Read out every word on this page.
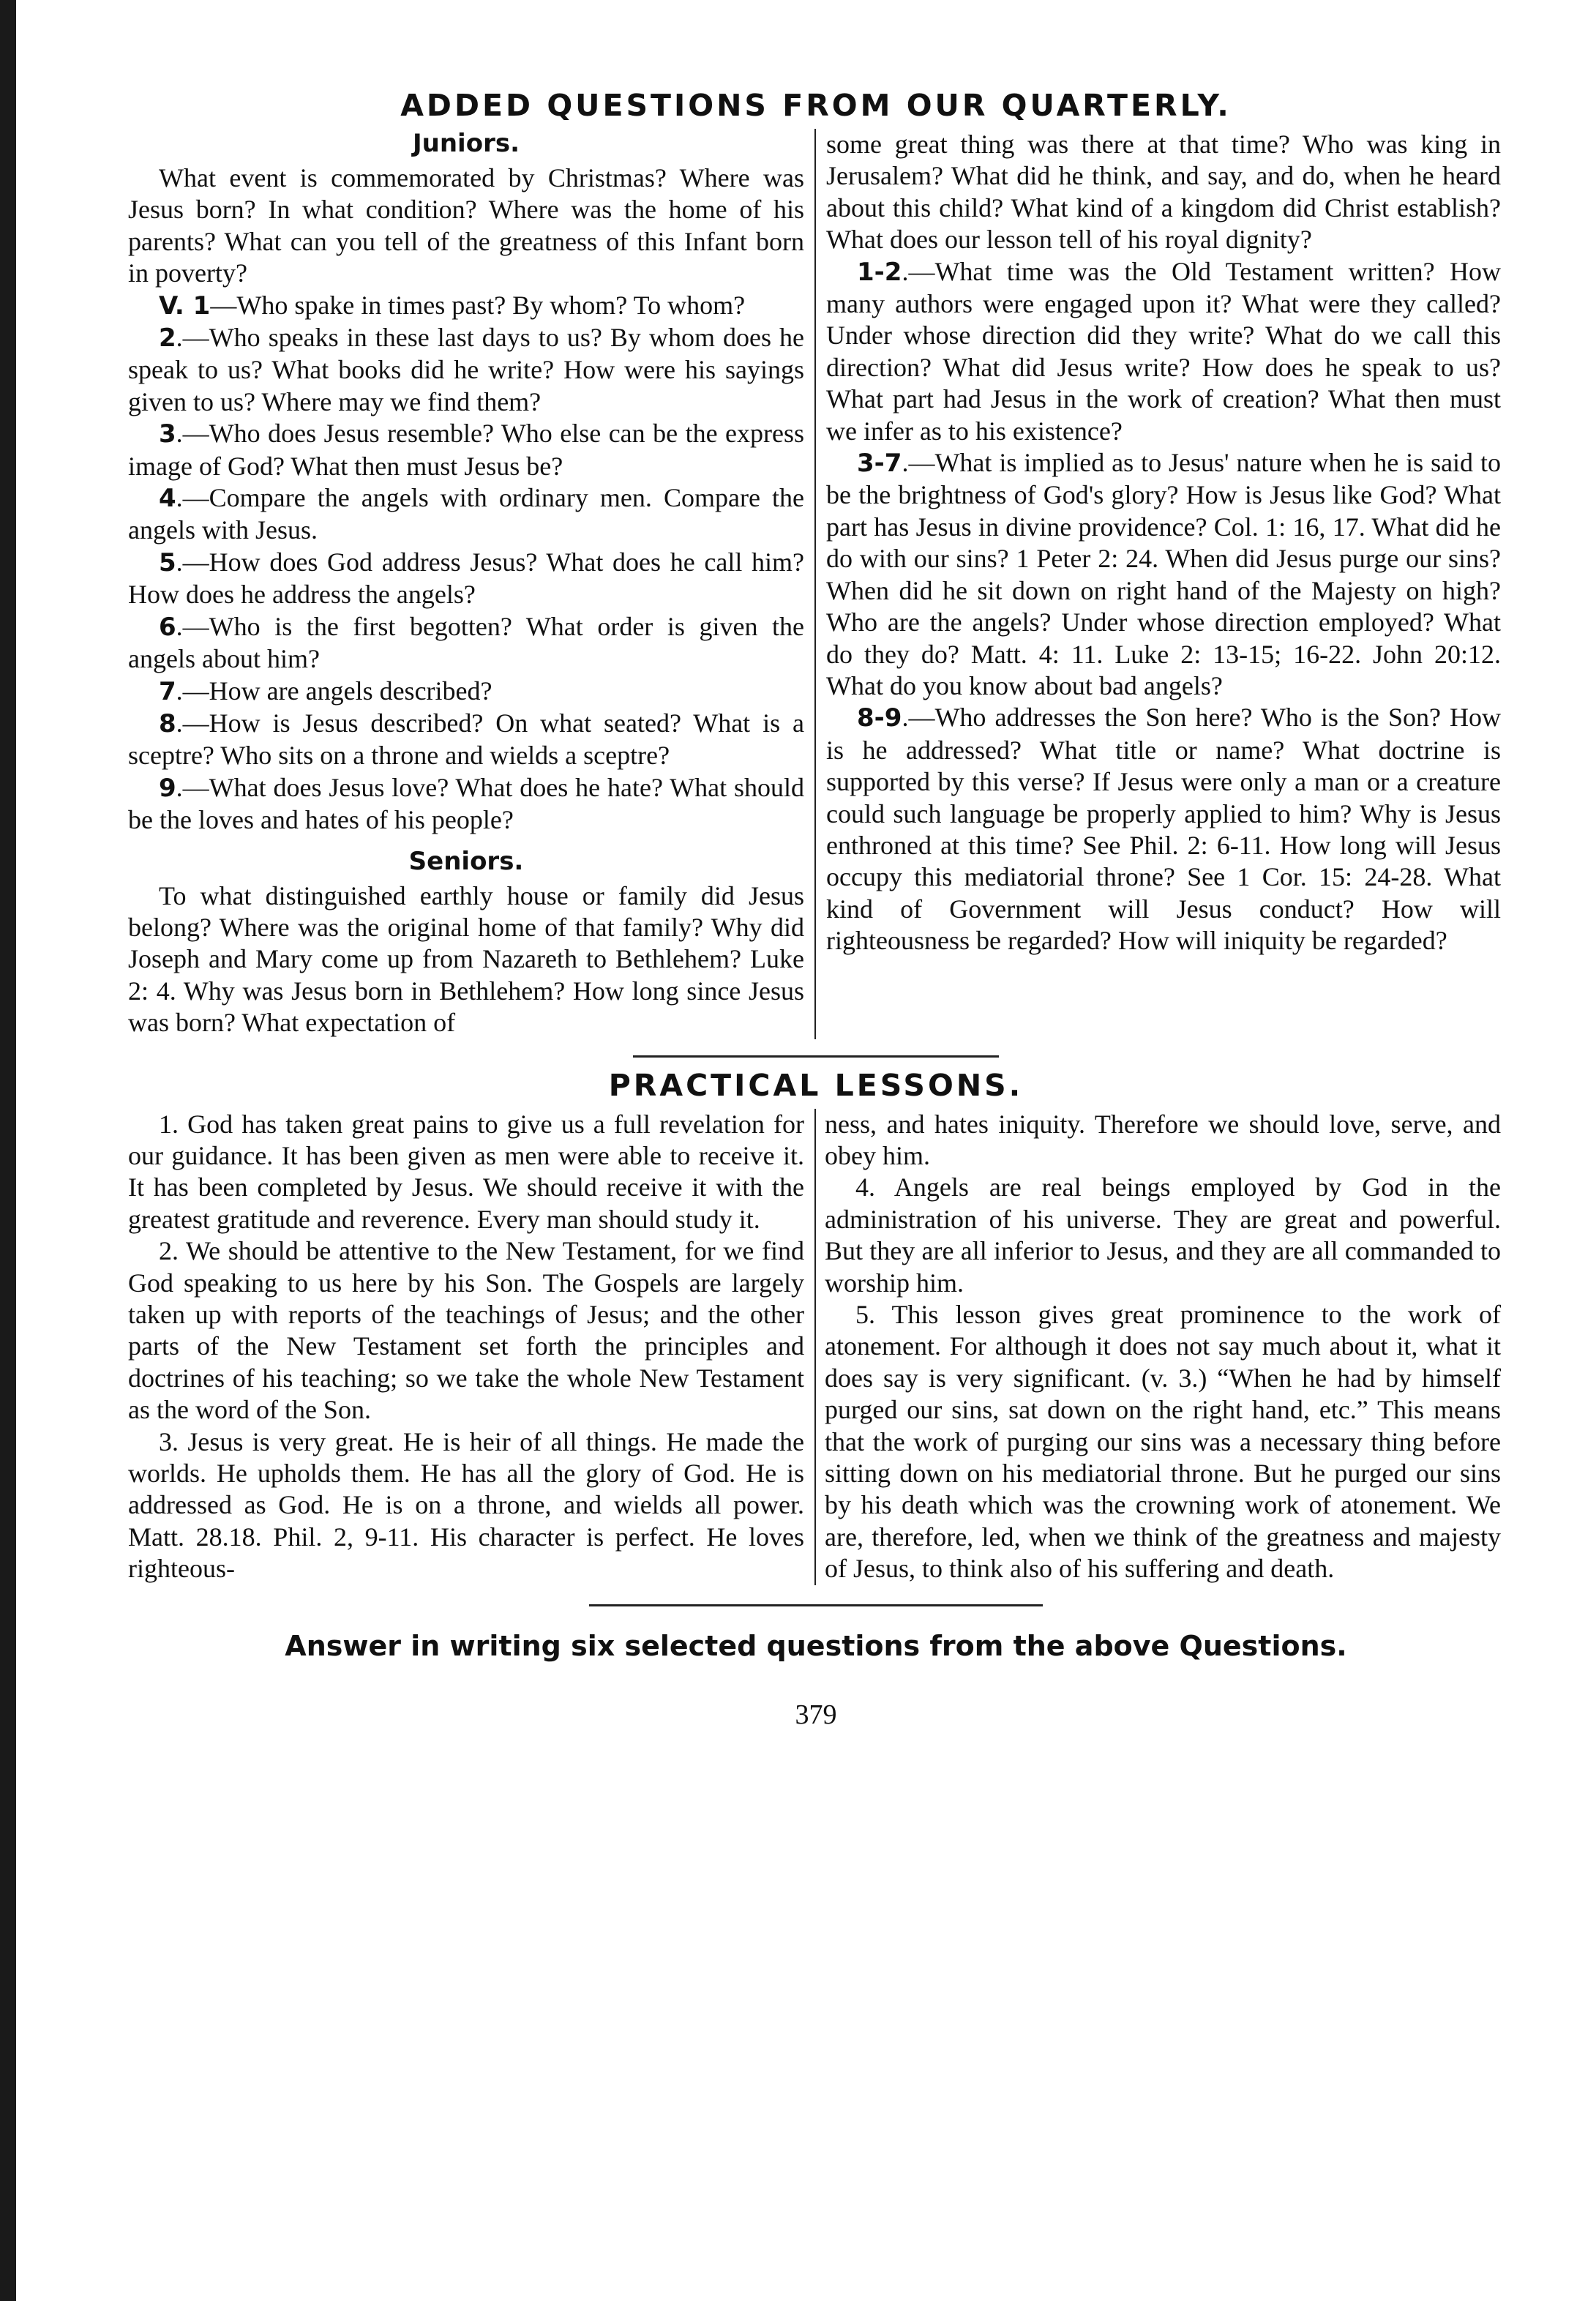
ADDED QUESTIONS FROM OUR QUARTERLY.
Juniors.

What event is commemorated by Christmas? Where was Jesus born? In what condition? Where was the home of his parents? What can you tell of the greatness of this Infant born in poverty?

V. 1—Who spake in times past? By whom? To whom?

2.—Who speaks in these last days to us? By whom does he speak to us? What books did he write? How were his sayings given to us? Where may we find them?

3.—Who does Jesus resemble? Who else can be the express image of God? What then must Jesus be?

4.—Compare the angels with ordinary men. Compare the angels with Jesus.

5.—How does God address Jesus? What does he call him? How does he address the angels?

6.—Who is the first begotten? What order is given the angels about him?

7.—How are angels described?

8.—How is Jesus described? On what seated? What is a sceptre? Who sits on a throne and wields a sceptre?

9.—What does Jesus love? What does he hate? What should be the loves and hates of his people?

Seniors.

To what distinguished earthly house or family did Jesus belong? Where was the original home of that family? Why did Joseph and Mary come up from Nazareth to Bethlehem? Luke 2: 4. Why was Jesus born in Bethlehem? How long since Jesus was born? What expectation of

some great thing was there at that time? Who was king in Jerusalem? What did he think, and say, and do, when he heard about this child? What kind of a kingdom did Christ establish? What does our lesson tell of his royal dignity?

1-2.—What time was the Old Testament written? How many authors were engaged upon it? What were they called? Under whose direction did they write? What do we call this direction? What did Jesus write? How does he speak to us? What part had Jesus in the work of creation? What then must we infer as to his existence?

3-7.—What is implied as to Jesus' nature when he is said to be the brightness of God's glory? How is Jesus like God? What part has Jesus in divine providence? Col. 1: 16, 17. What did he do with our sins? 1 Peter 2: 24. When did Jesus purge our sins? When did he sit down on right hand of the Majesty on high? Who are the angels? Under whose direction employed? What do they do? Matt. 4: 11. Luke 2: 13-15; 16-22. John 20:12. What do you know about bad angels?

8-9.—Who addresses the Son here? Who is the Son? How is he addressed? What title or name? What doctrine is supported by this verse? If Jesus were only a man or a creature could such language be properly applied to him? Why is Jesus enthroned at this time? See Phil. 2: 6-11. How long will Jesus occupy this mediatorial throne? See 1 Cor. 15: 24-28. What kind of Government will Jesus conduct? How will righteousness be regarded? How will iniquity be regarded?

PRACTICAL LESSONS.

1. God has taken great pains to give us a full revelation for our guidance. It has been given as men were able to receive it. It has been completed by Jesus. We should receive it with the greatest gratitude and reverence. Every man should study it.

2. We should be attentive to the New Testament, for we find God speaking to us here by his Son. The Gospels are largely taken up with reports of the teachings of Jesus; and the other parts of the New Testament set forth the principles and doctrines of his teaching; so we take the whole New Testament as the word of the Son.

3. Jesus is very great. He is heir of all things. He made the worlds. He upholds them. He has all the glory of God. He is addressed as God. He is on a throne, and wields all power. Matt. 28.18. Phil. 2, 9-11. His character is perfect. He loves righteous-

ness, and hates iniquity. Therefore we should love, serve, and obey him.

4. Angels are real beings employed by God in the administration of his universe. They are great and powerful. But they are all inferior to Jesus, and they are all commanded to worship him.

5. This lesson gives great prominence to the work of atonement. For although it does not say much about it, what it does say is very significant. (v. 3.) “When he had by himself purged our sins, sat down on the right hand, etc.” This means that the work of purging our sins was a necessary thing before sitting down on his mediatorial throne. But he purged our sins by his death which was the crowning work of atonement. We are, therefore, led, when we think of the greatness and majesty of Jesus, to think also of his suffering and death.

Answer in writing six selected questions from the above Questions.
379
